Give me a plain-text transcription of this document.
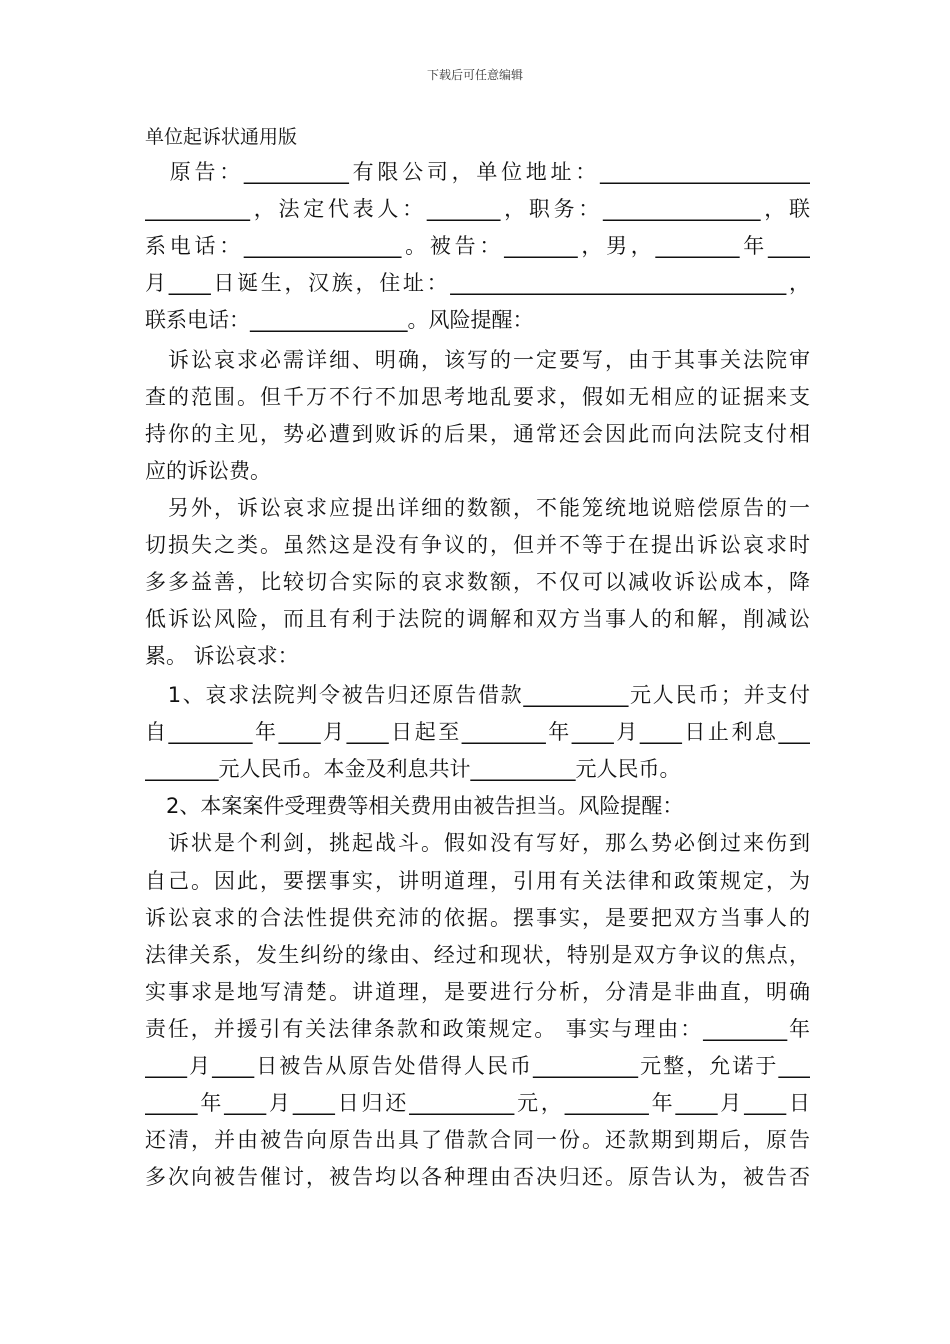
下载后可任意编辑
单位起诉状通用版
　原告：__________有限公司，单位地址：____________________
__________，法定代表人：_______，职务：_______________，联
系电话：_______________。被告：_______，男，________年____
月____日诞生，汉族，住址：________________________________，
联系电话：_______________。风险提醒：
　诉讼哀求必需详细、明确，该写的一定要写，由于其事关法院审
查的范围。但千万不行不加思考地乱要求，假如无相应的证据来支
持你的主见，势必遭到败诉的后果，通常还会因此而向法院支付相
应的诉讼费。
　另外，诉讼哀求应提出详细的数额，不能笼统地说赔偿原告的一
切损失之类。虽然这是没有争议的，但并不等于在提出诉讼哀求时
多多益善，比较切合实际的哀求数额，不仅可以减收诉讼成本，降
低诉讼风险，而且有利于法院的调解和双方当事人的和解，削减讼
累。 诉讼哀求：
　1、哀求法院判令被告归还原告借款__________元人民币；并支付
自________年____月____日起至________年____月____日止利息___
_______元人民币。本金及利息共计__________元人民币。
　2、本案案件受理费等相关费用由被告担当。风险提醒：
　诉状是个利剑，挑起战斗。假如没有写好，那么势必倒过来伤到
自己。因此，要摆事实，讲明道理，引用有关法律和政策规定，为
诉讼哀求的合法性提供充沛的依据。摆事实，是要把双方当事人的
法律关系，发生纠纷的缘由、经过和现状，特别是双方争议的焦点，
实事求是地写清楚。讲道理，是要进行分析，分清是非曲直，明确
责任，并援引有关法律条款和政策规定。 事实与理由：________年
____月____日被告从原告处借得人民币__________元整，允诺于___
_____年____月____日归还__________元，________年____月____日
还清，并由被告向原告出具了借款合同一份。还款期到期后，原告
多次向被告催讨，被告均以各种理由否决归还。原告认为，被告否
